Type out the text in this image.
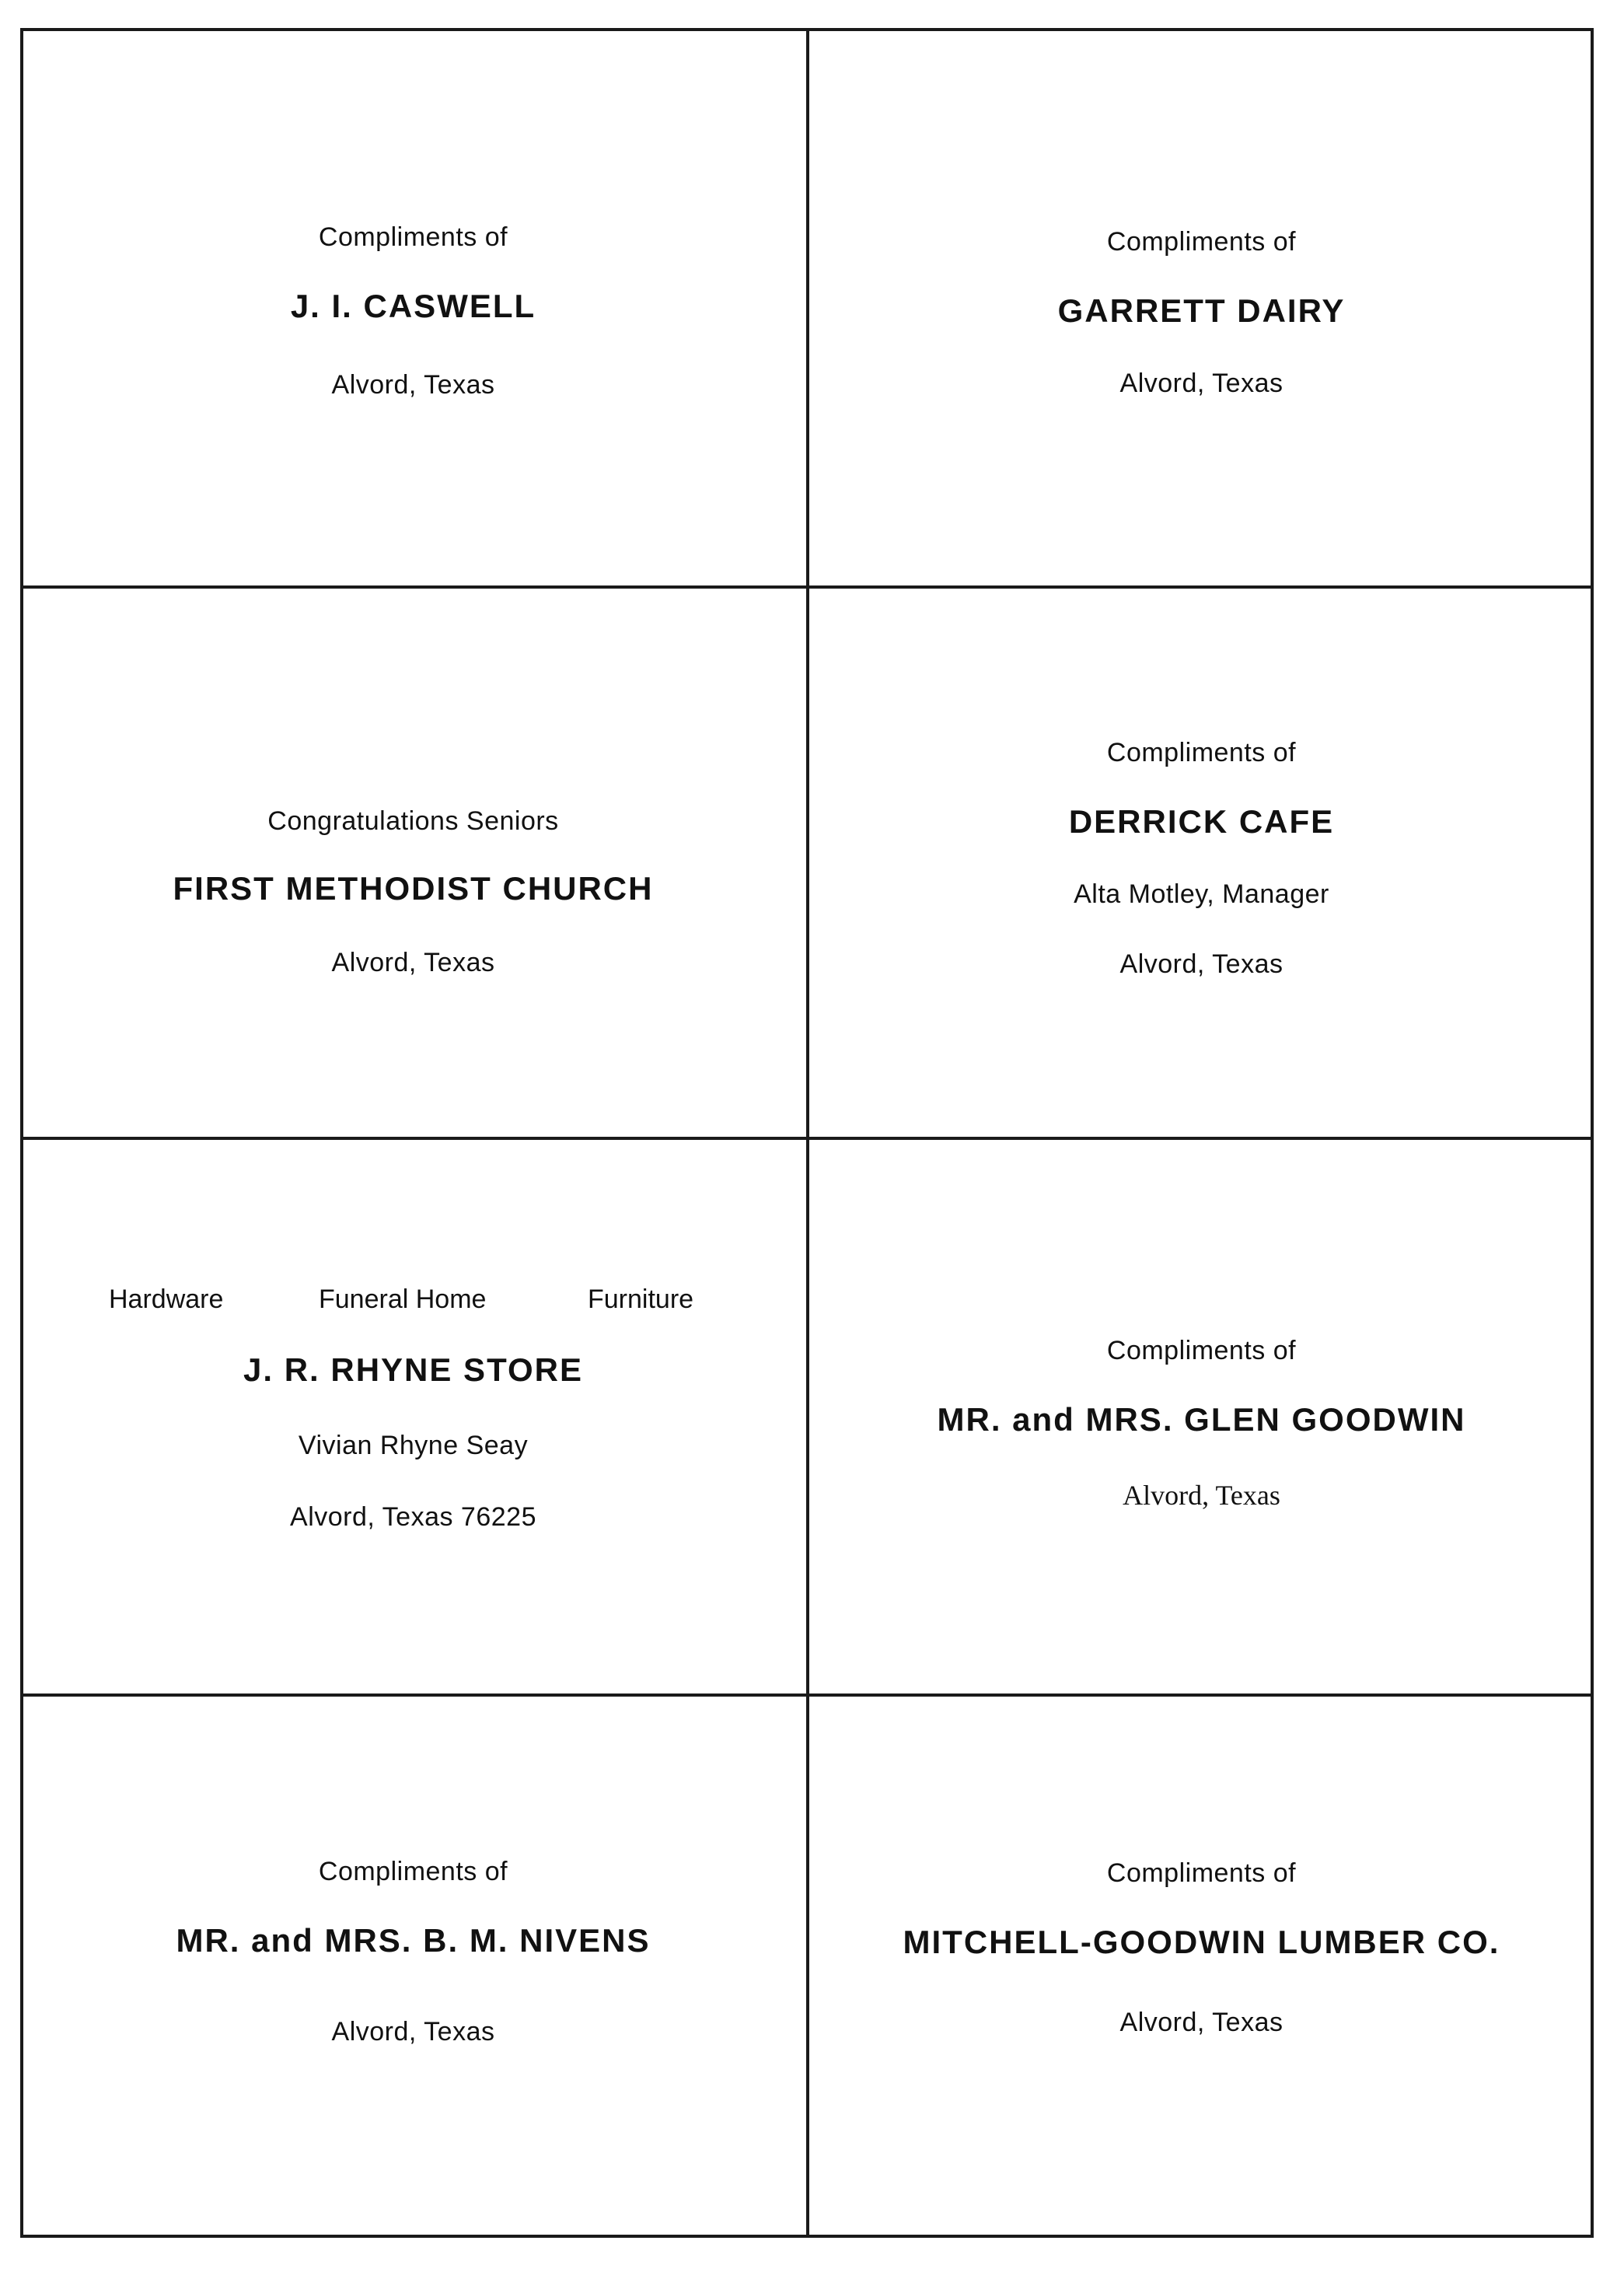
Compliments of
J. I. CASWELL
Alvord, Texas
Compliments of
GARRETT DAIRY
Alvord, Texas
Congratulations Seniors
FIRST METHODIST CHURCH
Alvord, Texas
Compliments of
DERRICK CAFE
Alta Motley, Manager
Alvord, Texas
Hardware	Funeral Home	Furniture
J. R. RHYNE STORE
Vivian Rhyne Seay
Alvord, Texas 76225
Compliments of
MR. and MRS. GLEN GOODWIN
Alvord, Texas
Compliments of
MR. and MRS. B. M. NIVENS
Alvord, Texas
Compliments of
MITCHELL-GOODWIN LUMBER CO.
Alvord, Texas
